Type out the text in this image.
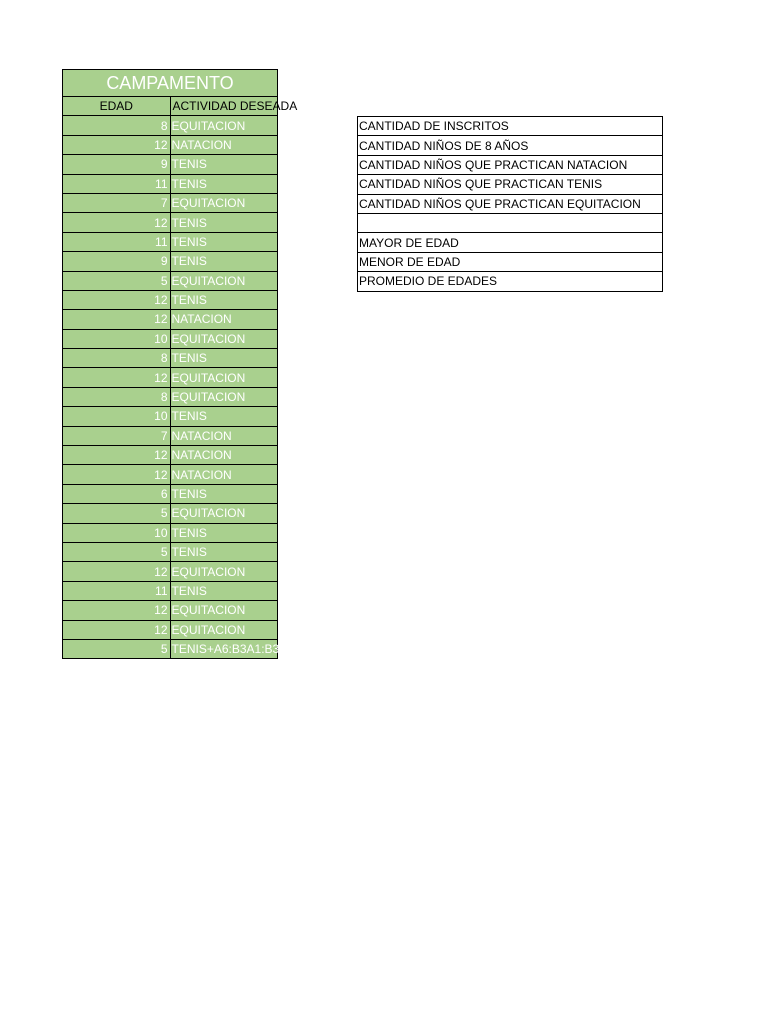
CAMPAMENTO	
EDAD	ACTIVIDAD DESEADA
8	EQUITACION
12	NATACION
9	TENIS
11	TENIS
7	EQUITACION
12	TENIS
11	TENIS
9	TENIS
5	EQUITACION
12	TENIS
12	NATACION
10	EQUITACION
8	TENIS
12	EQUITACION
8	EQUITACION
10	TENIS
7	NATACION
12	NATACION
12	NATACION
6	TENIS
5	EQUITACION
10	TENIS
5	TENIS
12	EQUITACION
11	TENIS
12	EQUITACION
12	EQUITACION
5	TENIS+A6:B3A1:B30
CANTIDAD DE INSCRITOS
CANTIDAD NIÑOS DE 8 AÑOS
CANTIDAD NIÑOS QUE PRACTICAN NATACION
CANTIDAD NIÑOS QUE PRACTICAN TENIS
CANTIDAD NIÑOS QUE PRACTICAN EQUITACION

MAYOR DE EDAD
MENOR DE EDAD
PROMEDIO DE EDADES
